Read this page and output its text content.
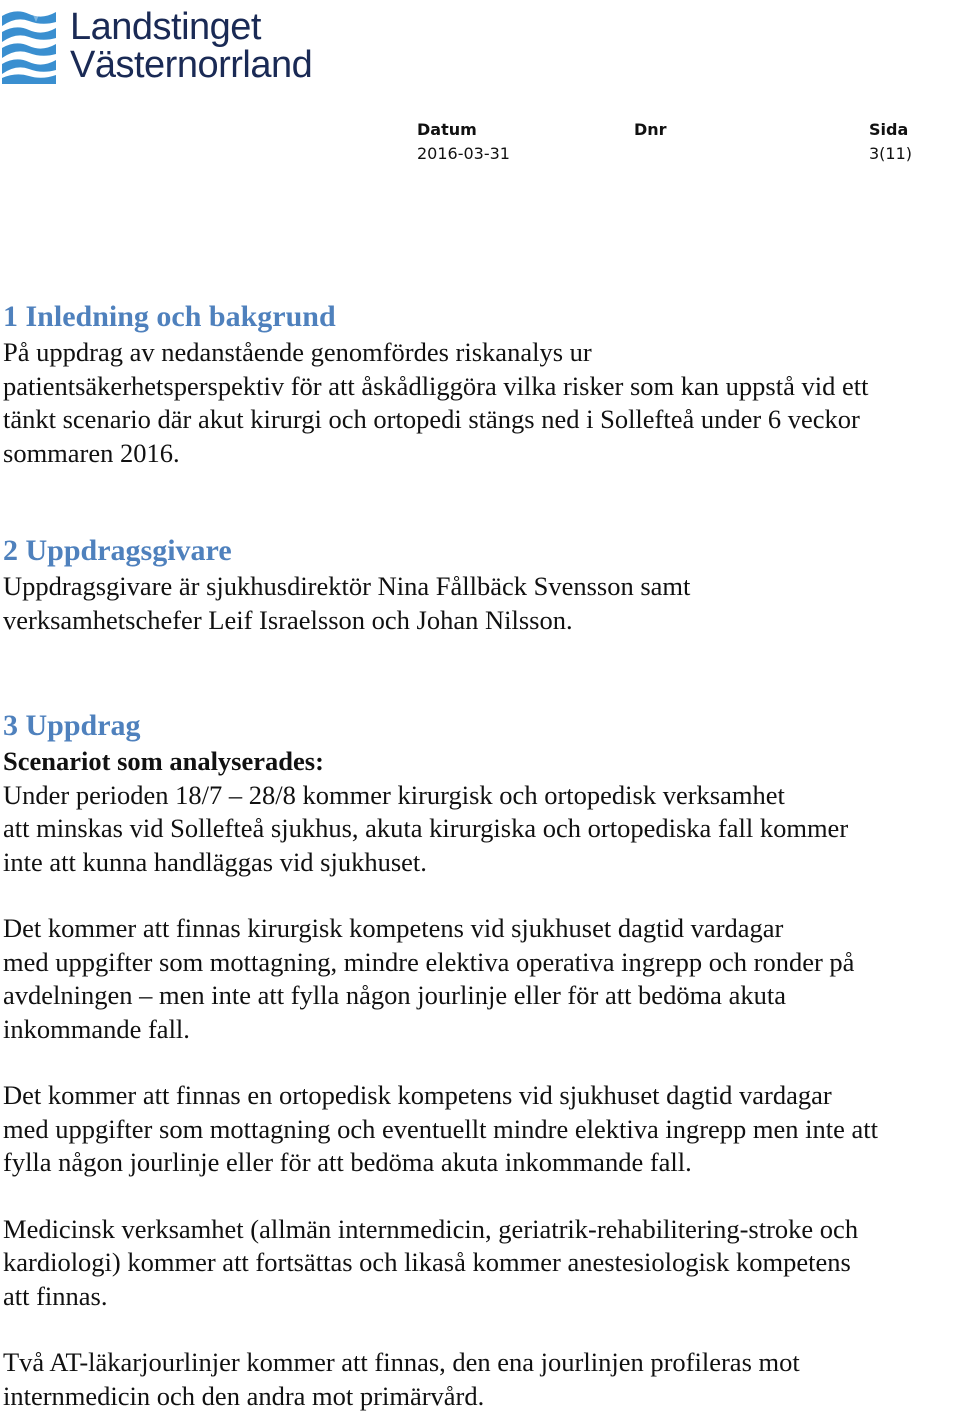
Landstinget
Västernorrland
Datum
2016-03-31
Dnr	Sida
3(11)
1 Inledning och bakgrund

På uppdrag av nedanstående genomfördes riskanalys ur
patientsäkerhetsperspektiv för att åskådliggöra vilka risker som kan uppstå vid ett
tänkt scenario där akut kirurgi och ortopedi stängs ned i Sollefteå under 6 veckor
sommaren 2016.

2 Uppdragsgivare

Uppdragsgivare är sjukhusdirektör Nina Fållbäck Svensson samt
verksamhetschefer Leif Israelsson och Johan Nilsson.

3 Uppdrag

Scenariot som analyserades:

Under perioden 18/7 – 28/8 kommer kirurgisk och ortopedisk verksamhet
att minskas vid Sollefteå sjukhus, akuta kirurgiska och ortopediska fall kommer
inte att kunna handläggas vid sjukhuset.

Det kommer att finnas kirurgisk kompetens vid sjukhuset dagtid vardagar
med uppgifter som mottagning, mindre elektiva operativa ingrepp och ronder på
avdelningen – men inte att fylla någon jourlinje eller för att bedöma akuta
inkommande fall.

Det kommer att finnas en ortopedisk kompetens vid sjukhuset dagtid vardagar
med uppgifter som mottagning och eventuellt mindre elektiva ingrepp men inte att
fylla någon jourlinje eller för att bedöma akuta inkommande fall.

Medicinsk verksamhet (allmän internmedicin, geriatrik-rehabilitering-stroke och
kardiologi) kommer att fortsättas och likaså kommer anestesiologisk kompetens
att finnas.

Två AT-läkarjourlinjer kommer att finnas, den ena jourlinjen profileras mot
internmedicin och den andra mot primärvård.
